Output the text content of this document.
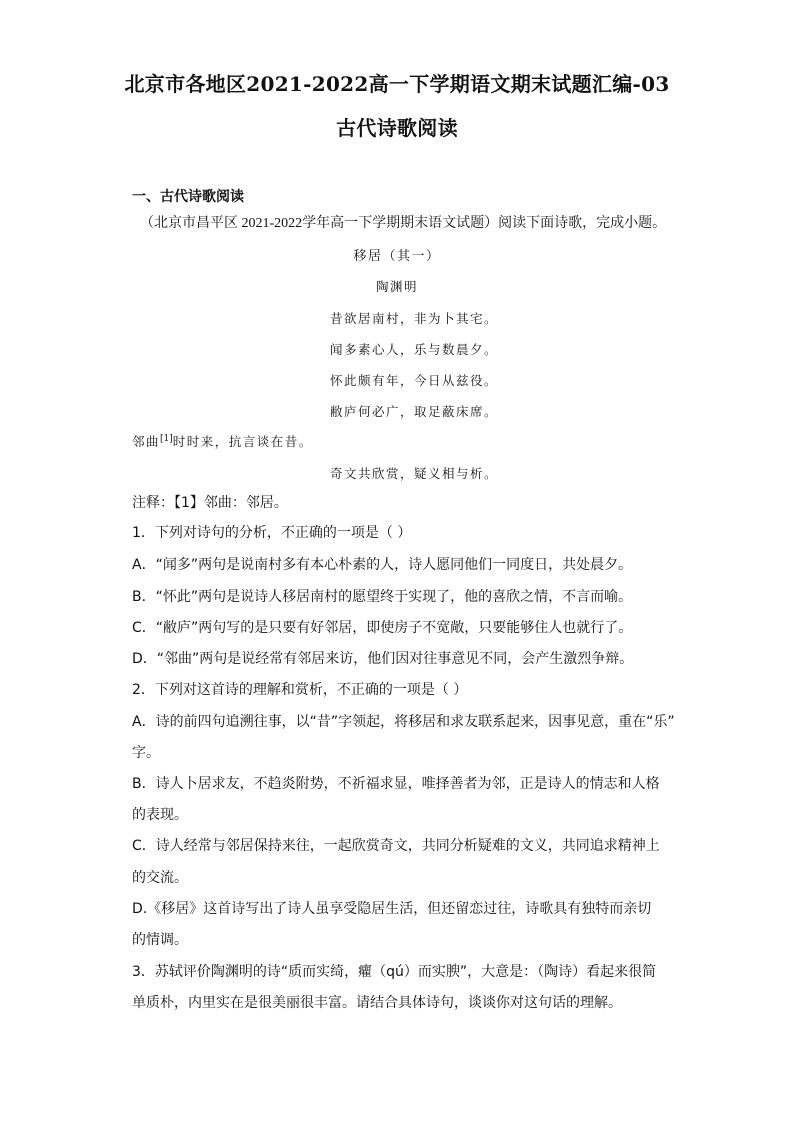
北京市各地区2021-2022高一下学期语文期末试题汇编-03
古代诗歌阅读
一、古代诗歌阅读
（北京市昌平区 2021-2022学年高一下学期期末语文试题）阅读下面诗歌，完成小题。
移居（其一）
陶渊明
昔欲居南村，非为卜其宅。
闻多素心人，乐与数晨夕。
怀此颇有年，今日从兹役。
敝庐何必广，取足蔽床席。
邻曲[1]时时来，抗言谈在昔。
奇文共欣赏，疑义相与析。
注释：【1】邻曲：邻居。
1．下列对诗句的分析，不正确的一项是（ ）
A．“闻多”两句是说南村多有本心朴素的人，诗人愿同他们一同度日，共处晨夕。
B．“怀此”两句是说诗人移居南村的愿望终于实现了，他的喜欣之情，不言而喻。
C．“敝庐”两句写的是只要有好邻居，即使房子不宽敞，只要能够住人也就行了。
D．“邻曲”两句是说经常有邻居来访，他们因对往事意见不同，会产生激烈争辩。
2．下列对这首诗的理解和赏析，不正确的一项是（ ）
A．诗的前四句追溯往事，以“昔”字领起，将移居和求友联系起来，因事见意，重在“乐”
字。
B．诗人卜居求友，不趋炎附势，不祈福求显，唯择善者为邻，正是诗人的情志和人格
的表现。
C．诗人经常与邻居保持来往，一起欣赏奇文，共同分析疑难的文义，共同追求精神上
的交流。
D.《移居》这首诗写出了诗人虽享受隐居生活，但还留恋过往，诗歌具有独特而亲切
的情调。
3．苏轼评价陶渊明的诗“质而实绮，癯（qú）而实腴”，大意是：（陶诗）看起来很简
单质朴，内里实在是很美丽很丰富。请结合具体诗句，谈谈你对这句话的理解。
